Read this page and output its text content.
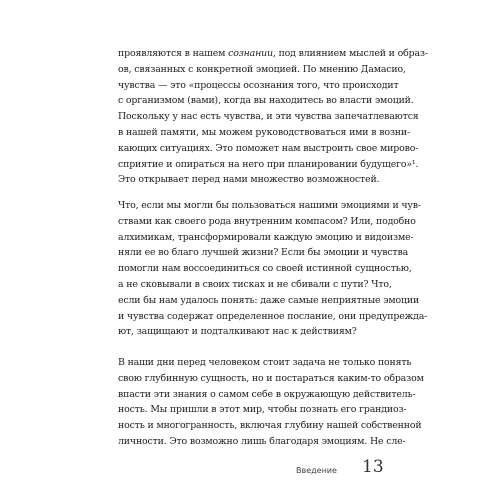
проявляются в нашем сознании, под влиянием мыслей и образ-
ов, связанных с конкретной эмоцией. По мнению Дамасио,
чувства — это «процессы осознания того, что происходит
с организмом (вами), когда вы находитесь во власти эмоций.
Поскольку у нас есть чувства, и эти чувства запечатлеваются
в нашей памяти, мы можем руководствоваться ими в возни-
кающих ситуациях. Это поможет нам выстроить свое мирово-
сприятие и опираться на него при планировании будущего»¹.
Это открывает перед нами множество возможностей.
Что, если мы могли бы пользоваться нашими эмоциями и чув-
ствами как своего рода внутренним компасом? Или, подобно
алхимикам, трансформировали каждую эмоцию и видоизме-
няли ее во благо лучшей жизни? Если бы эмоции и чувства
помогли нам воссоединиться со своей истинной сущностью,
а не сковывали в своих тисках и не сбивали с пути? Что,
если бы нам удалось понять: даже самые неприятные эмоции
и чувства содержат определенное послание, они предупрежда-
ют, защищают и подталкивают нас к действиям?
В наши дни перед человеком стоит задача не только понять
свою глубинную сущность, но и постараться каким-то образом
впасти эти знания о самом себе в окружающую действитель-
ность. Мы пришли в этот мир, чтобы познать его грандиоз-
ность и многогранность, включая глубину нашей собственной
личности. Это возможно лишь благодаря эмоциям. Не сле-
Введение 13
